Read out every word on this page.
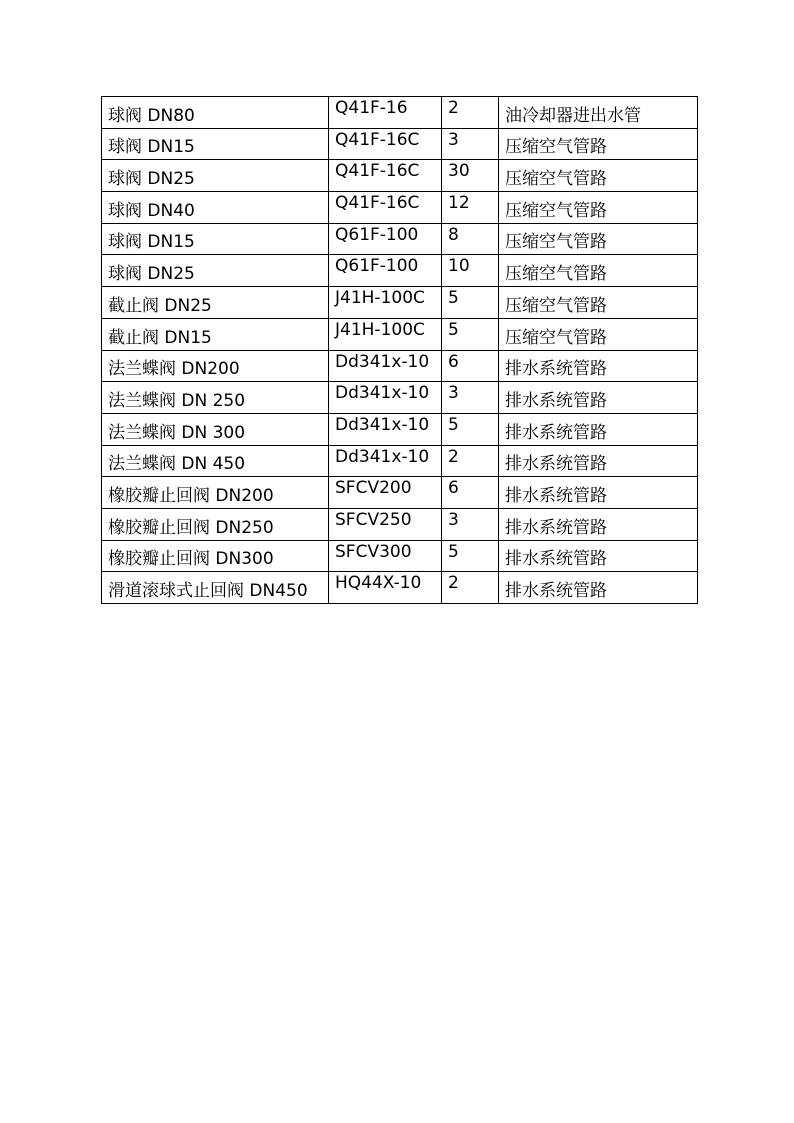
球阀 DN80	Q41F-16	2	油冷却器进出水管
球阀 DN15	Q41F-16C	3	压缩空气管路
球阀 DN25	Q41F-16C	30	压缩空气管路
球阀 DN40	Q41F-16C	12	压缩空气管路
球阀 DN15	Q61F-100	8	压缩空气管路
球阀 DN25	Q61F-100	10	压缩空气管路
截止阀 DN25	J41H-100C	5	压缩空气管路
截止阀 DN15	J41H-100C	5	压缩空气管路
法兰蝶阀 DN200	Dd341x-10	6	排水系统管路
法兰蝶阀 DN 250	Dd341x-10	3	排水系统管路
法兰蝶阀 DN 300	Dd341x-10	5	排水系统管路
法兰蝶阀 DN 450	Dd341x-10	2	排水系统管路
橡胶瓣止回阀 DN200	SFCV200	6	排水系统管路
橡胶瓣止回阀 DN250	SFCV250	3	排水系统管路
橡胶瓣止回阀 DN300	SFCV300	5	排水系统管路
滑道滚球式止回阀 DN450	HQ44X-10	2	排水系统管路
